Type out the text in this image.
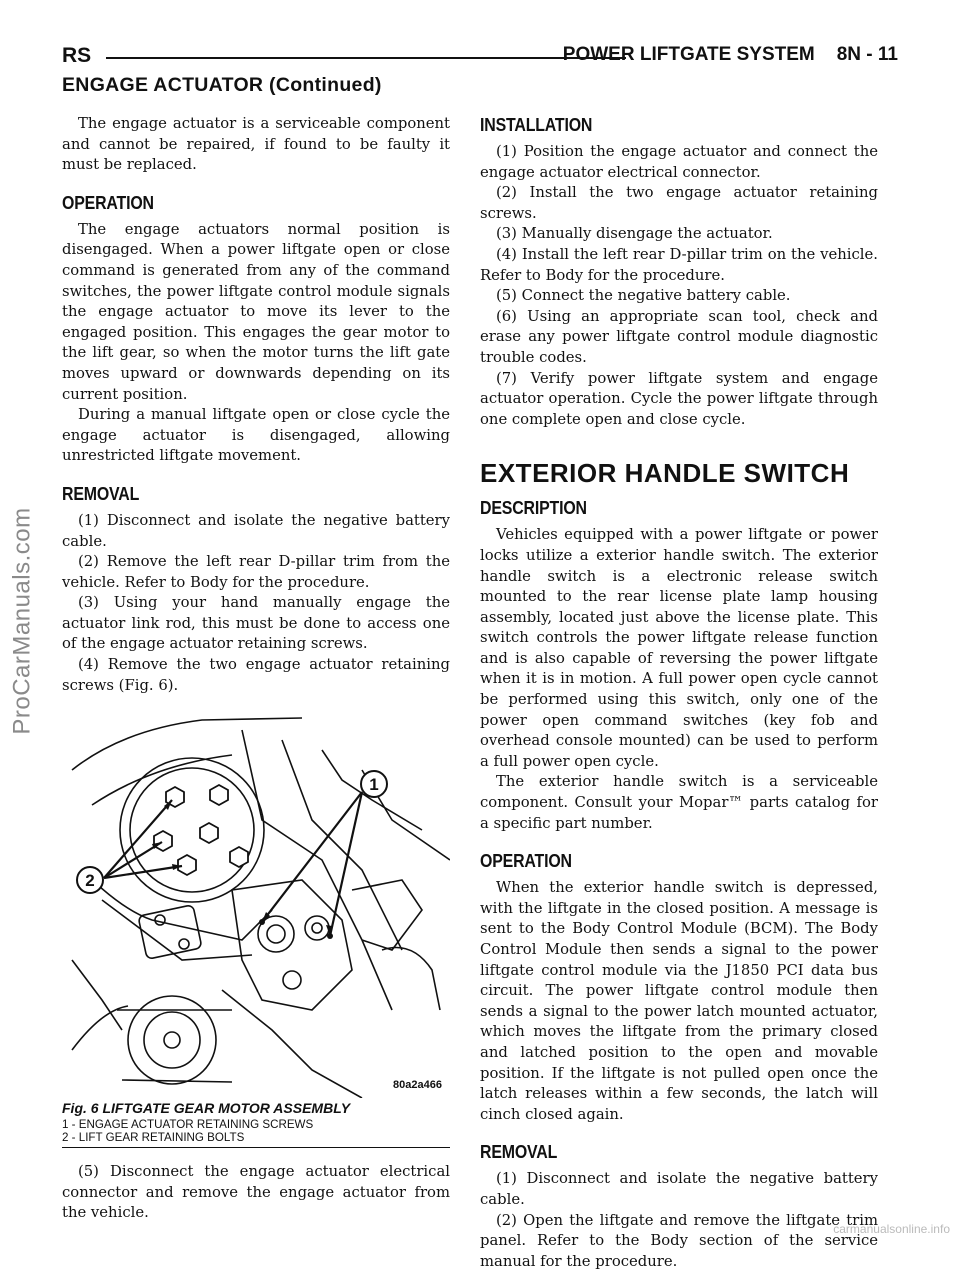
RS	POWER LIFTGATE SYSTEM 8N - 11
ENGAGE ACTUATOR (Continued)

The engage actuator is a serviceable component and cannot be repaired, if found to be faulty it must be replaced.

OPERATION

The engage actuators normal position is disengaged. When a power liftgate open or close command is generated from any of the command switches, the power liftgate control module signals the engage actuator to move its lever to the engaged position. This engages the gear motor to the lift gear, so when the motor turns the lift gate moves upward or downwards depending on its current position.

During a manual liftgate open or close cycle the engage actuator is disengaged, allowing unrestricted liftgate movement.

REMOVAL

(1) Disconnect and isolate the negative battery cable.

(2) Remove the left rear D-pillar trim from the vehicle. Refer to Body for the procedure.

(3) Using your hand manually engage the actuator link rod, this must be done to access one of the engage actuator retaining screws.

(4) Remove the two engage actuator retaining screws (Fig. 6).

1
2
80a2a466
Fig. 6 LIFTGATE GEAR MOTOR ASSEMBLY
1 - ENGAGE ACTUATOR RETAINING SCREWS
2 - LIFT GEAR RETAINING BOLTS

(5) Disconnect the engage actuator electrical connector and remove the engage actuator from the vehicle.

INSTALLATION

(1) Position the engage actuator and connect the engage actuator electrical connector.

(2) Install the two engage actuator retaining screws.

(3) Manually disengage the actuator.

(4) Install the left rear D-pillar trim on the vehicle. Refer to Body for the procedure.

(5) Connect the negative battery cable.

(6) Using an appropriate scan tool, check and erase any power liftgate control module diagnostic trouble codes.

(7) Verify power liftgate system and engage actuator operation. Cycle the power liftgate through one complete open and close cycle.

EXTERIOR HANDLE SWITCH
DESCRIPTION

Vehicles equipped with a power liftgate or power locks utilize a exterior handle switch. The exterior handle switch is a electronic release switch mounted to the rear license plate lamp housing assembly, located just above the license plate. This switch controls the power liftgate release function and is also capable of reversing the power liftgate when it is in motion. A full power open cycle cannot be performed using this switch, only one of the power open command switches (key fob and overhead console mounted) can be used to perform a full power open cycle.

The exterior handle switch is a serviceable component. Consult your Mopar™ parts catalog for a specific part number.

OPERATION

When the exterior handle switch is depressed, with the liftgate in the closed position. A message is sent to the Body Control Module (BCM). The Body Control Module then sends a signal to the power liftgate control module via the J1850 PCI data bus circuit. The power liftgate control module then sends a signal to the power latch mounted actuator, which moves the liftgate from the primary closed and latched position to the open and movable position. If the liftgate is not pulled open once the latch releases within a few seconds, the latch will cinch closed again.

REMOVAL

(1) Disconnect and isolate the negative battery cable.

(2) Open the liftgate and remove the liftgate trim panel. Refer to the Body section of the service manual for the procedure.

ProCarManuals.com
carmanualsonline.info
